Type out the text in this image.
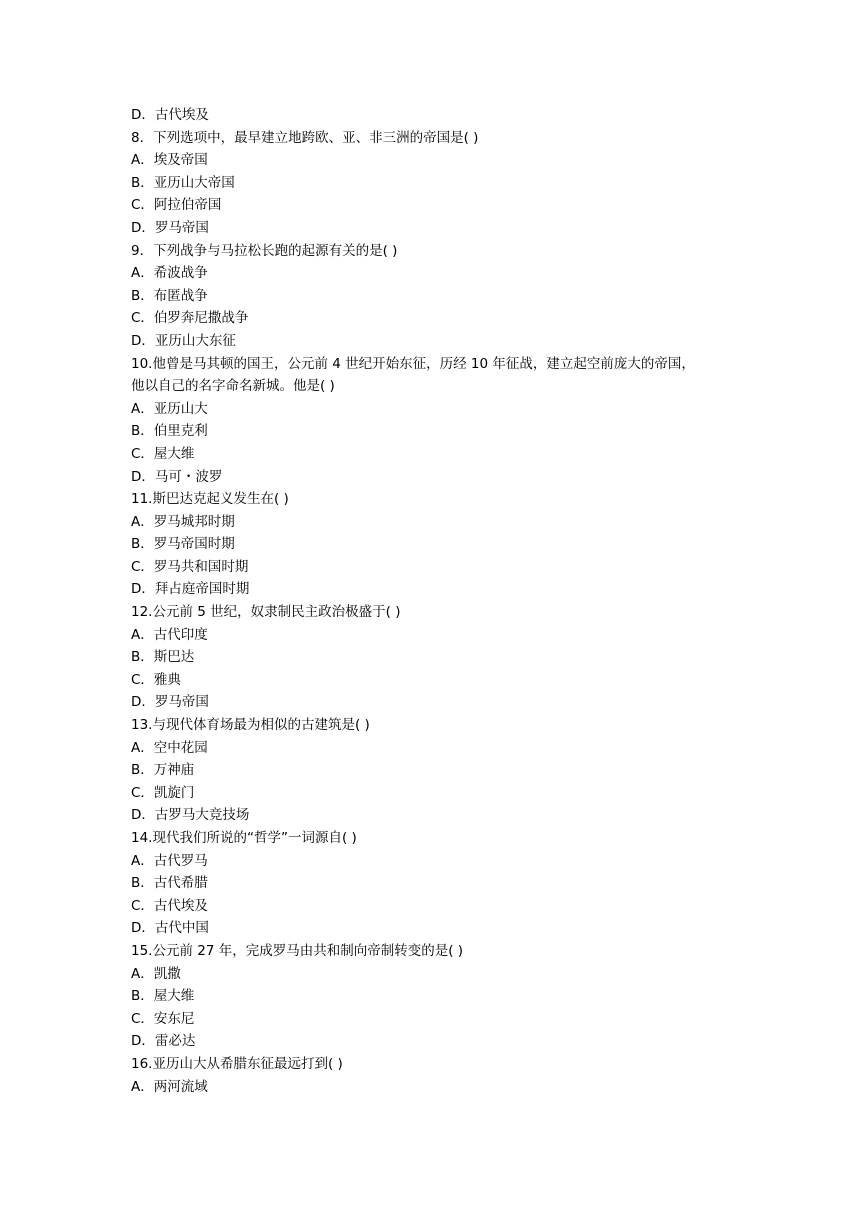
D．古代埃及
8．下列选项中，最早建立地跨欧、亚、非三洲的帝国是( )
A．埃及帝国
B．亚历山大帝国
C．阿拉伯帝国
D．罗马帝国
9．下列战争与马拉松长跑的起源有关的是( )
A．希波战争
B．布匿战争
C．伯罗奔尼撒战争
D．亚历山大东征
10.他曾是马其顿的国王，公元前 4 世纪开始东征，历经 10 年征战，建立起空前庞大的帝国，
他以自己的名字命名新城。他是( )
A．亚历山大
B．伯里克利
C．屋大维
D．马可・波罗
11.斯巴达克起义发生在( )
A．罗马城邦时期
B．罗马帝国时期
C．罗马共和国时期
D．拜占庭帝国时期
12.公元前 5 世纪，奴隶制民主政治极盛于( )
A．古代印度
B．斯巴达
C．雅典
D．罗马帝国
13.与现代体育场最为相似的古建筑是( )
A．空中花园
B．万神庙
C．凯旋门
D．古罗马大竞技场
14.现代我们所说的“哲学”一词源自( )
A．古代罗马
B．古代希腊
C．古代埃及
D．古代中国
15.公元前 27 年，完成罗马由共和制向帝制转变的是( )
A．凯撒
B．屋大维
C．安东尼
D．雷必达
16.亚历山大从希腊东征最远打到( )
A．两河流域
